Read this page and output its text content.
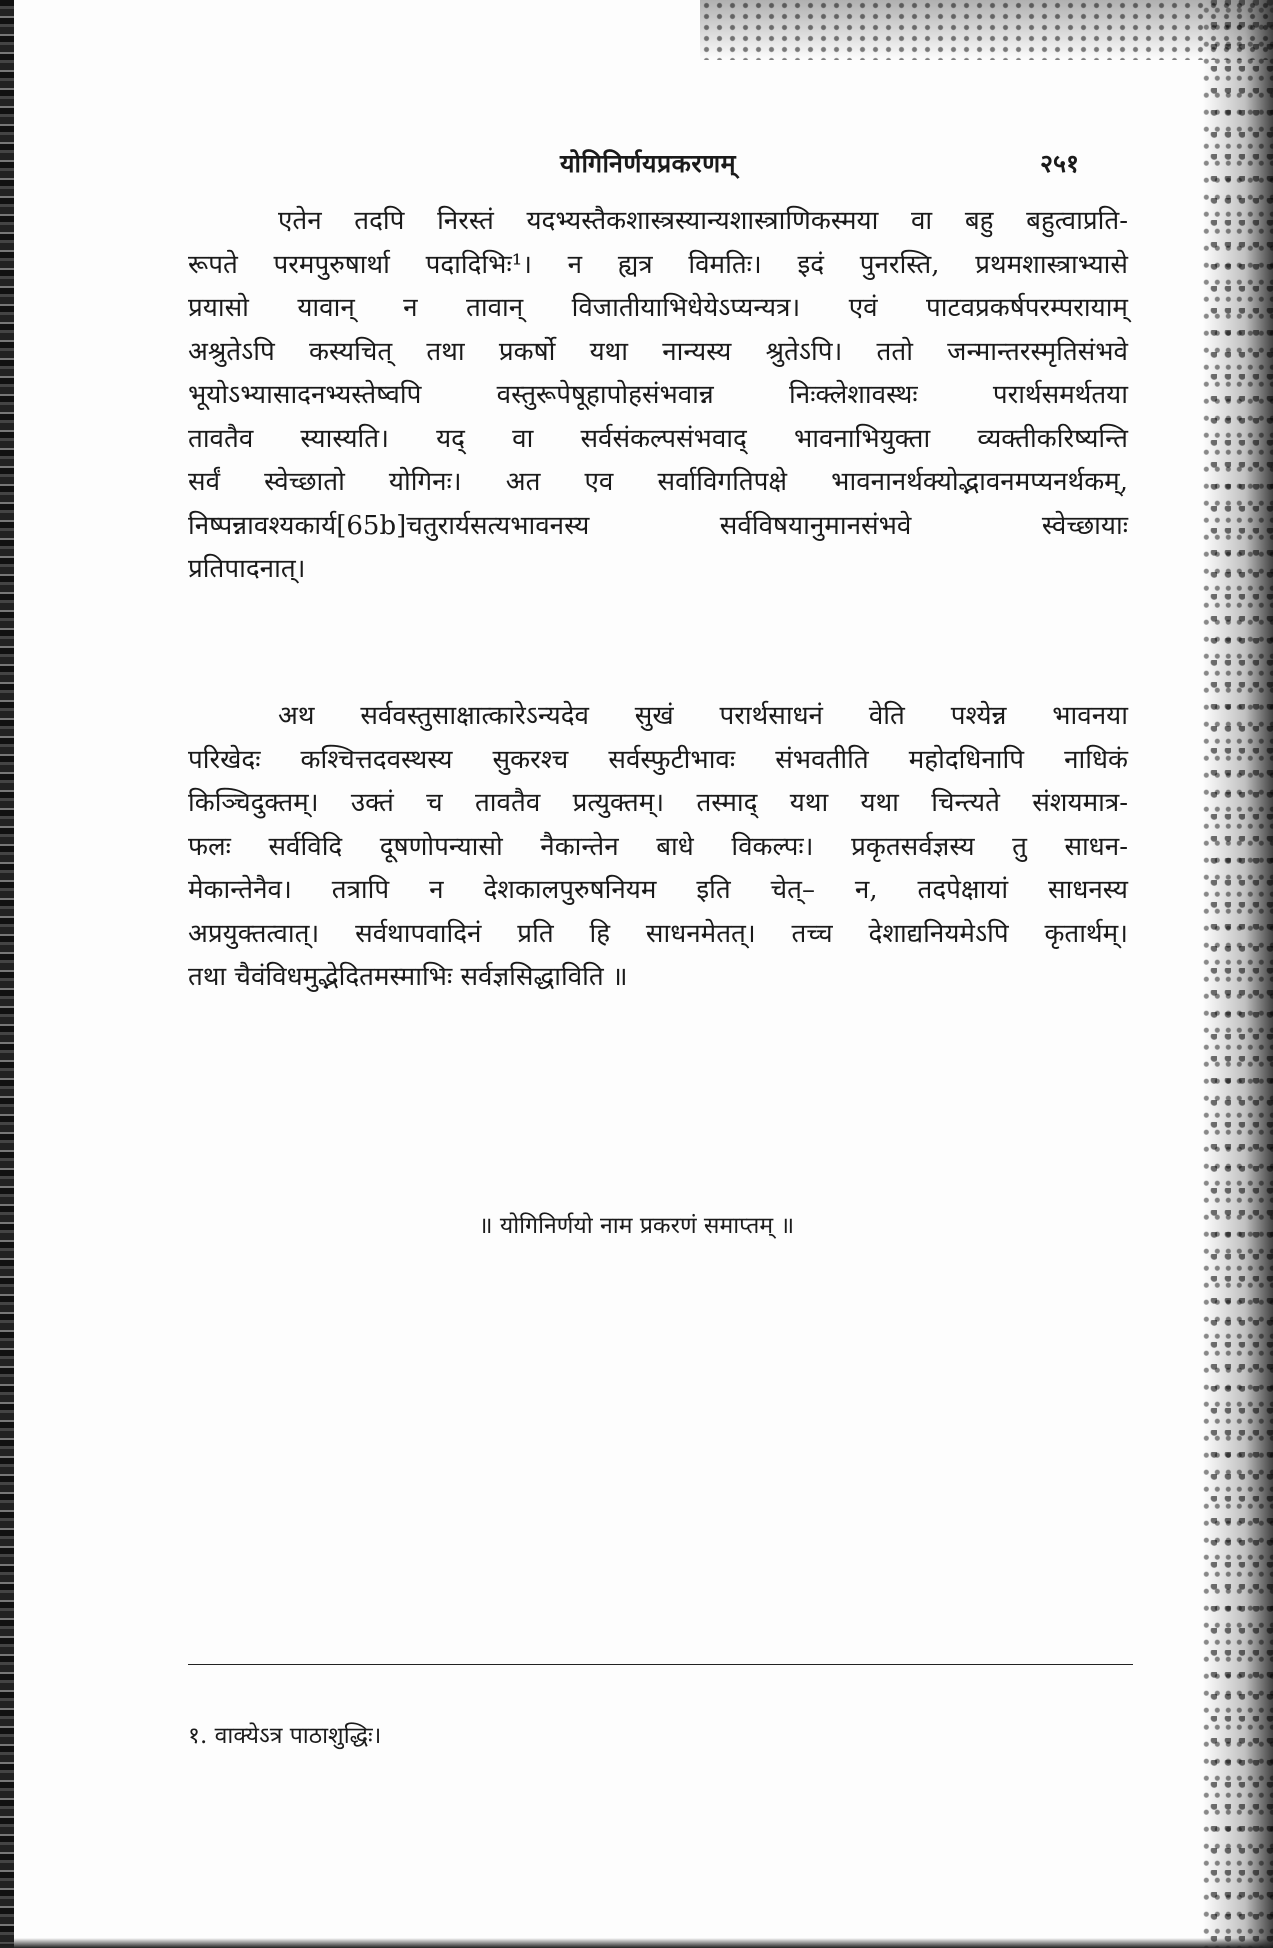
योगिनिर्णयप्रकरणम्	२५१
एतेन तदपि निरस्तं यदभ्यस्तैकशास्त्रस्यान्यशास्त्राणिकस्मया वा बहु बहुत्वाप्रति-
रूपते परमपुरुषार्था पदादिभिः¹। न ह्यत्र विमतिः। इदं पुनरस्ति, प्रथमशास्त्राभ्यासे
प्रयासो यावान् न तावान् विजातीयाभिधेयेऽप्यन्यत्र। एवं पाटवप्रकर्षपरम्परायाम्
अश्रुतेऽपि कस्यचित् तथा प्रकर्षो यथा नान्यस्य श्रुतेऽपि। ततो जन्मान्तरस्मृतिसंभवे
भूयोऽभ्यासादनभ्यस्तेष्वपि वस्तुरूपेषूहापोहसंभवान्न निःक्लेशावस्थः परार्थसमर्थतया
तावतैव स्यास्यति। यद् वा सर्वसंकल्पसंभवाद् भावनाभियुक्ता व्यक्तीकरिष्यन्ति
सर्वं स्वेच्छातो योगिनः। अत एव सर्वाविगतिपक्षे भावनानर्थक्योद्भावनमप्यनर्थकम्,
निष्पन्नावश्यकार्य[65b]चतुरार्यसत्यभावनस्य सर्वविषयानुमानसंभवे स्वेच्छायाः
प्रतिपादनात्।
अथ सर्ववस्तुसाक्षात्कारेऽन्यदेव सुखं परार्थसाधनं वेति पश्येन्न भावनया
परिखेदः कश्चित्तदवस्थस्य सुकरश्च सर्वस्फुटीभावः संभवतीति महोदधिनापि नाधिकं
किञ्चिदुक्तम्। उक्तं च तावतैव प्रत्युक्तम्। तस्माद् यथा यथा चिन्त्यते संशयमात्र-
फलः सर्वविदि दूषणोपन्यासो नैकान्तेन बाधे विकल्पः। प्रकृतसर्वज्ञस्य तु साधन-
मेकान्तेनैव। तत्रापि न देशकालपुरुषनियम इति चेत्– न, तदपेक्षायां साधनस्य
अप्रयुक्तत्वात्। सर्वथापवादिनं प्रति हि साधनमेतत्। तच्च देशाद्यनियमेऽपि कृतार्थम्।
तथा चैवंविधमुद्भेदितमस्माभिः सर्वज्ञसिद्धाविति ॥
॥ योगिनिर्णयो नाम प्रकरणं समाप्तम् ॥
१. वाक्येऽत्र पाठाशुद्धिः।
